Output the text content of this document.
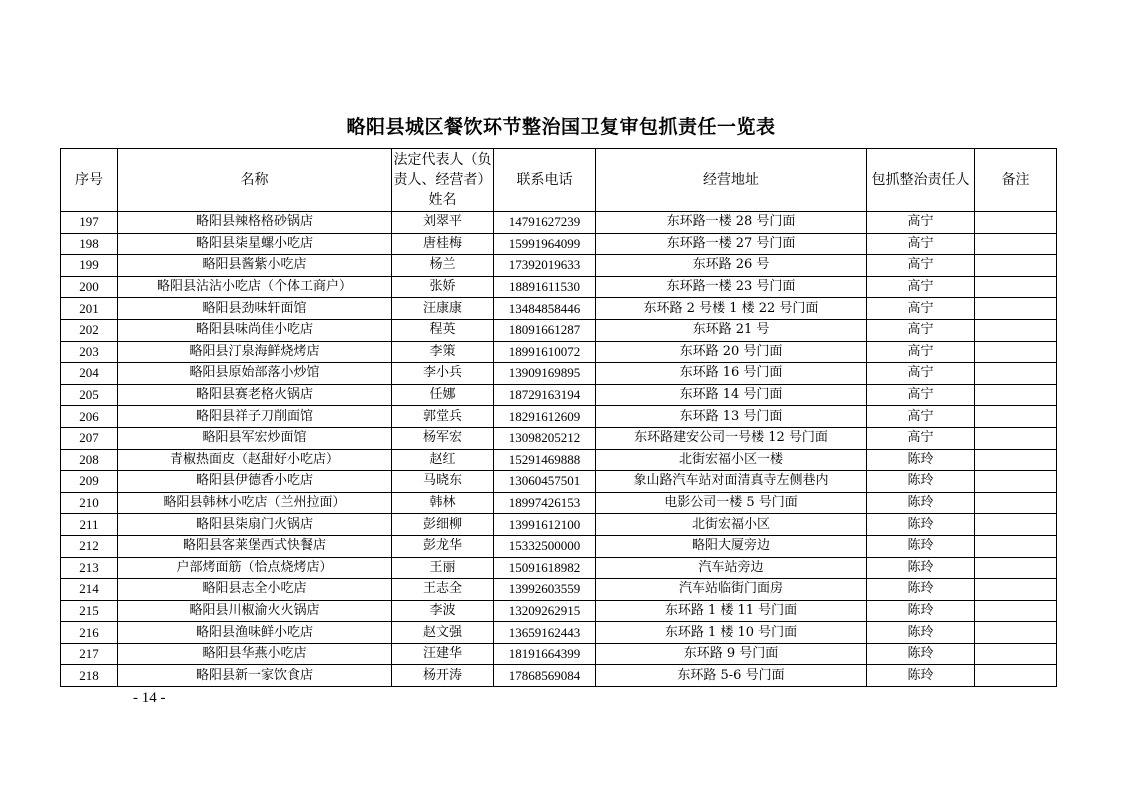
略阳县城区餐饮环节整治国卫复审包抓责任一览表
序号	名称	法定代表人（负责人、经营者）姓名	联系电话	经营地址	包抓整治责任人	备注
197	略阳县辣格格砂锅店	刘翠平	14791627239	东环路一楼 28 号门面	高宁	
198	略阳县柒星螺小吃店	唐桂梅	15991964099	东环路一楼 27 号门面	高宁	
199	略阳县酱紫小吃店	杨兰	17392019633	东环路 26 号	高宁	
200	略阳县沾沾小吃店（个体工商户）	张娇	18891611530	东环路一楼 23 号门面	高宁	
201	略阳县劲味轩面馆	汪康康	13484858446	东环路 2 号楼 1 楼 22 号门面	高宁	
202	略阳县味尚佳小吃店	程英	18091661287	东环路 21 号	高宁	
203	略阳县汀泉海鲜烧烤店	李策	18991610072	东环路 20 号门面	高宁	
204	略阳县原始部落小炒馆	李小兵	13909169895	东环路 16 号门面	高宁	
205	略阳县赛老格火锅店	任娜	18729163194	东环路 14 号门面	高宁	
206	略阳县祥子刀削面馆	郭堂兵	18291612609	东环路 13 号门面	高宁	
207	略阳县军宏炒面馆	杨军宏	13098205212	东环路建安公司一号楼 12 号门面	高宁	
208	青椒热面皮（赵甜好小吃店）	赵红	15291469888	北街宏福小区一楼	陈玲	
209	略阳县伊德香小吃店	马晓东	13060457501	象山路汽车站对面清真寺左侧巷内	陈玲	
210	略阳县韩林小吃店（兰州拉面）	韩林	18997426153	电影公司一楼 5 号门面	陈玲	
211	略阳县柒扇门火锅店	彭细柳	13991612100	北街宏福小区	陈玲	
212	略阳县客莱堡西式快餐店	彭龙华	15332500000	略阳大厦旁边	陈玲	
213	户部烤面筋（恰点烧烤店）	王丽	15091618982	汽车站旁边	陈玲	
214	略阳县志全小吃店	王志全	13992603559	汽车站临街门面房	陈玲	
215	略阳县川椒渝火火锅店	李波	13209262915	东环路 1 楼 11 号门面	陈玲	
216	略阳县渔味鲜小吃店	赵文强	13659162443	东环路 1 楼 10 号门面	陈玲	
217	略阳县华燕小吃店	汪建华	18191664399	东环路 9 号门面	陈玲	
218	略阳县新一家饮食店	杨开涛	17868569084	东环路 5-6 号门面	陈玲	
- 14 -
